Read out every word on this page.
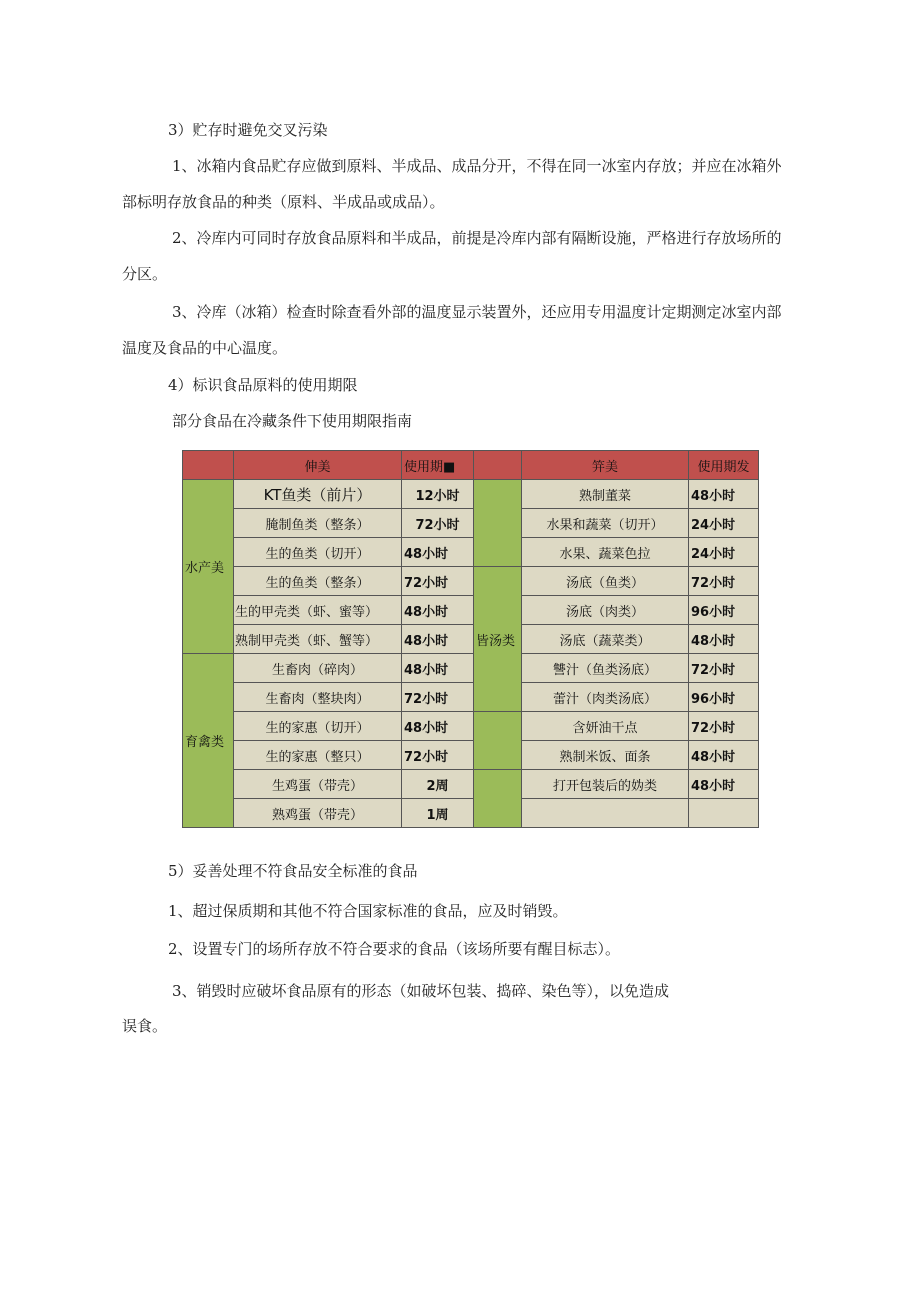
3）贮存时避免交叉污染
1、冰箱内食品贮存应做到原料、半成品、成品分开，不得在同一冰室内存放；并应在冰箱外
部标明存放食品的种类（原料、半成品或成品）。
2、冷库内可同时存放食品原料和半成品，前提是冷库内部有隔断设施，严格进行存放场所的
分区。
3、冷库（冰箱）检查时除查看外部的温度显示装置外，还应用专用温度计定期测定冰室内部
温度及食品的中心温度。
4）标识食品原料的使用期限
部分食品在冷藏条件下使用期限指南
	伸美	使用期■		笄美	使用期发
水产美	KT鱼类（前片）	12小时		熟制董菜	48小时
	腌制鱼类（整条）	72小时		水果和蔬菜（切开）	24小时
	生的鱼类（切开）	48小时		水果、蔬菜色拉	24小时
	生的鱼类（整条）	72小时	皆汤类	汤底（鱼类）	72小时
	生的甲壳类（虾、蜜等）	48小时		汤底（肉类）	96小时
	熟制甲壳类（虾、蟹等）	48小时		汤底（蔬菜类）	48小时
育禽类	生畜肉（碎肉）	48小时		讐汁（鱼类汤底）	72小时
	生畜肉（整块肉）	72小时		蕾汁（肉类汤底）	96小时
	生的家惠（切开）	48小时		含妍油干点	72小时
	生的家惠（整只）	72小时		熟制米饭、面条	48小时
	生鸡蛋（带壳）	2周		打开包装后的妫类	48小时
	熟鸡蛋（带壳）	1周			
5）妥善处理不符食品安全标准的食品
1、超过保质期和其他不符合国家标准的食品，应及时销毁。
2、设置专门的场所存放不符合要求的食品（该场所要有醒目标志）。
3、销毁时应破坏食品原有的形态（如破坏包装、捣碎、染色等），以免造成
误食。
